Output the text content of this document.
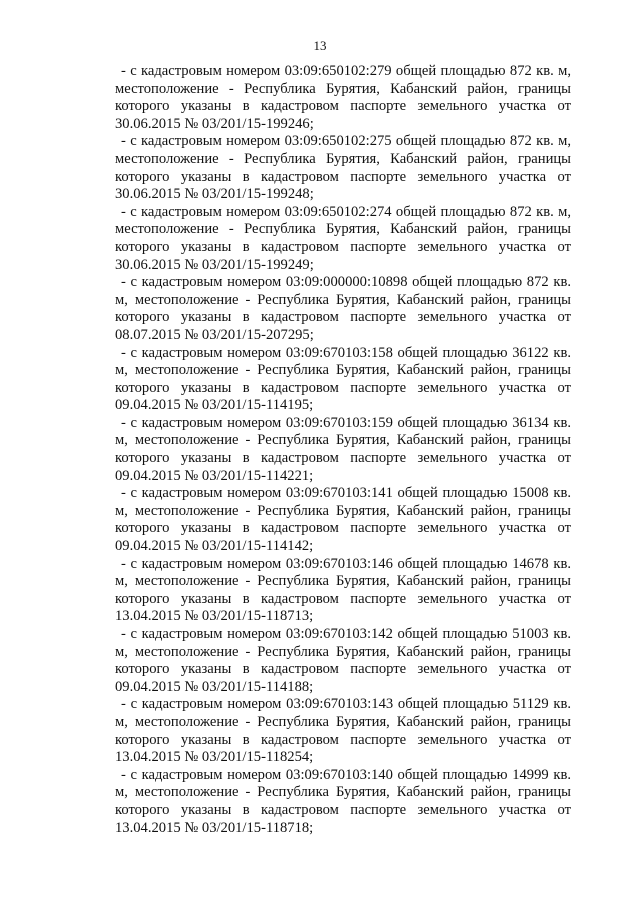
13

- с кадастровым номером 03:09:650102:279 общей площадью 872 кв. м, местоположение - Республика Бурятия, Кабанский район, границы которого указаны в кадастровом паспорте земельного участка от 30.06.2015 № 03/201/15-199246;

- с кадастровым номером 03:09:650102:275 общей площадью 872 кв. м, местоположение - Республика Бурятия, Кабанский район, границы которого указаны в кадастровом паспорте земельного участка от 30.06.2015 № 03/201/15-199248;

- с кадастровым номером 03:09:650102:274 общей площадью 872 кв. м, местоположение - Республика Бурятия, Кабанский район, границы которого указаны в кадастровом паспорте земельного участка от 30.06.2015 № 03/201/15-199249;

- с кадастровым номером 03:09:000000:10898 общей площадью 872 кв. м, местоположение - Республика Бурятия, Кабанский район, границы которого указаны в кадастровом паспорте земельного участка от 08.07.2015 № 03/201/15-207295;

- с кадастровым номером 03:09:670103:158 общей площадью 36122 кв. м, местоположение - Республика Бурятия, Кабанский район, границы которого указаны в кадастровом паспорте земельного участка от 09.04.2015 № 03/201/15-114195;

- с кадастровым номером 03:09:670103:159 общей площадью 36134 кв. м, местоположение - Республика Бурятия, Кабанский район, границы которого указаны в кадастровом паспорте земельного участка от 09.04.2015 № 03/201/15-114221;

- с кадастровым номером 03:09:670103:141 общей площадью 15008 кв. м, местоположение - Республика Бурятия, Кабанский район, границы которого указаны в кадастровом паспорте земельного участка от 09.04.2015 № 03/201/15-114142;

- с кадастровым номером 03:09:670103:146 общей площадью 14678 кв. м, местоположение - Республика Бурятия, Кабанский район, границы которого указаны в кадастровом паспорте земельного участка от 13.04.2015 № 03/201/15-118713;

- с кадастровым номером 03:09:670103:142 общей площадью 51003 кв. м, местоположение - Республика Бурятия, Кабанский район, границы которого указаны в кадастровом паспорте земельного участка от 09.04.2015 № 03/201/15-114188;

- с кадастровым номером 03:09:670103:143 общей площадью 51129 кв. м, местоположение - Республика Бурятия, Кабанский район, границы которого указаны в кадастровом паспорте земельного участка от 13.04.2015 № 03/201/15-118254;

- с кадастровым номером 03:09:670103:140 общей площадью 14999 кв. м, местоположение - Республика Бурятия, Кабанский район, границы которого указаны в кадастровом паспорте земельного участка от 13.04.2015 № 03/201/15-118718;
